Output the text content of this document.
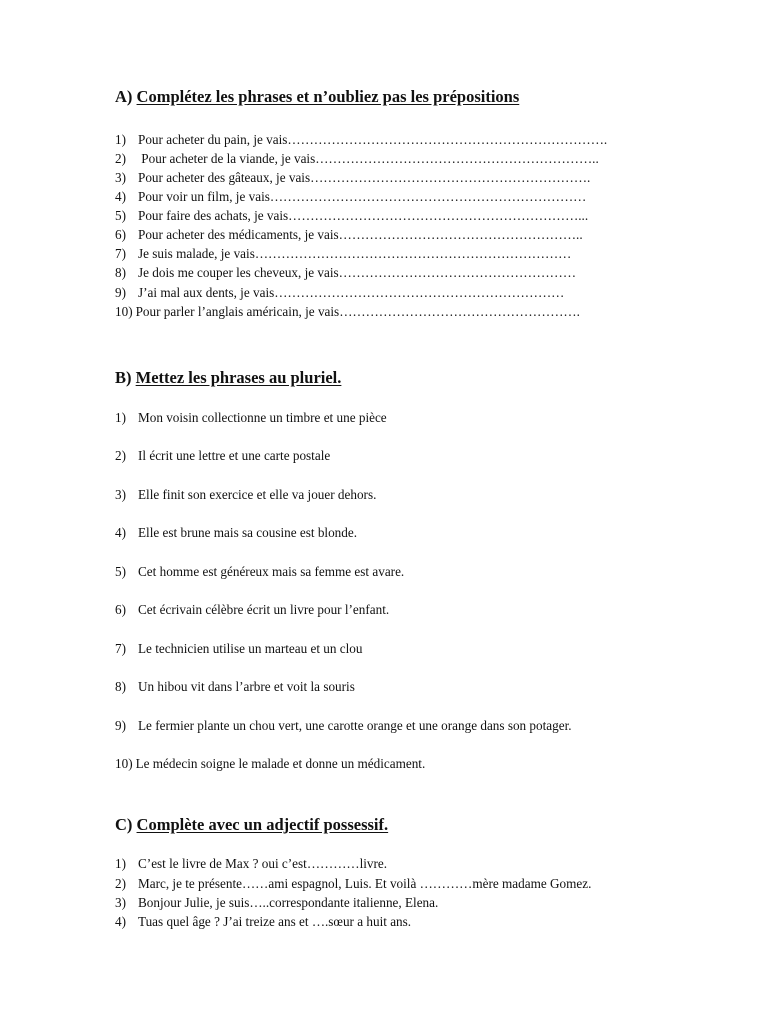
A) Complétez les phrases et n’oubliez pas les prépositions
1) Pour acheter du pain, je vais……………………………………………………………….
2) Pour acheter de la viande, je vais………………………………………………………..
3) Pour acheter des gâteaux, je vais……………………………………………………….
4) Pour voir un film, je vais………………………………………………………………
5) Pour faire des achats, je vais…………………………………………………………...
6) Pour acheter des médicaments, je vais………………………………………………..
7) Je suis malade, je vais………………………………………………………………
8) Je dois me couper les cheveux, je vais………………………………………………
9) J’ai mal aux dents, je vais…………………………………………………………
10) Pour parler l’anglais américain, je vais……………………………………………….
B) Mettez les phrases au pluriel.
1) Mon voisin collectionne un timbre et une pièce
2) Il écrit une lettre et une carte postale
3) Elle finit son exercice et elle va jouer dehors.
4) Elle est brune mais sa cousine est blonde.
5) Cet homme est généreux mais sa femme est avare.
6) Cet écrivain célèbre écrit un livre pour l’enfant.
7) Le technicien utilise un marteau et un clou
8) Un hibou vit dans l’arbre et voit la souris
9) Le fermier plante un chou vert, une carotte orange et une orange dans son potager.
10) Le médecin soigne le malade et donne un médicament.
C) Complète avec un adjectif possessif.
1) C’est le livre de Max ? oui c’est…………livre.
2) Marc, je te présente……ami espagnol, Luis. Et voilà …………mère madame Gomez.
3) Bonjour Julie, je suis…..correspondante italienne, Elena.
4) Tuas quel âge ? J’ai treize ans et ….sœur a huit ans.
